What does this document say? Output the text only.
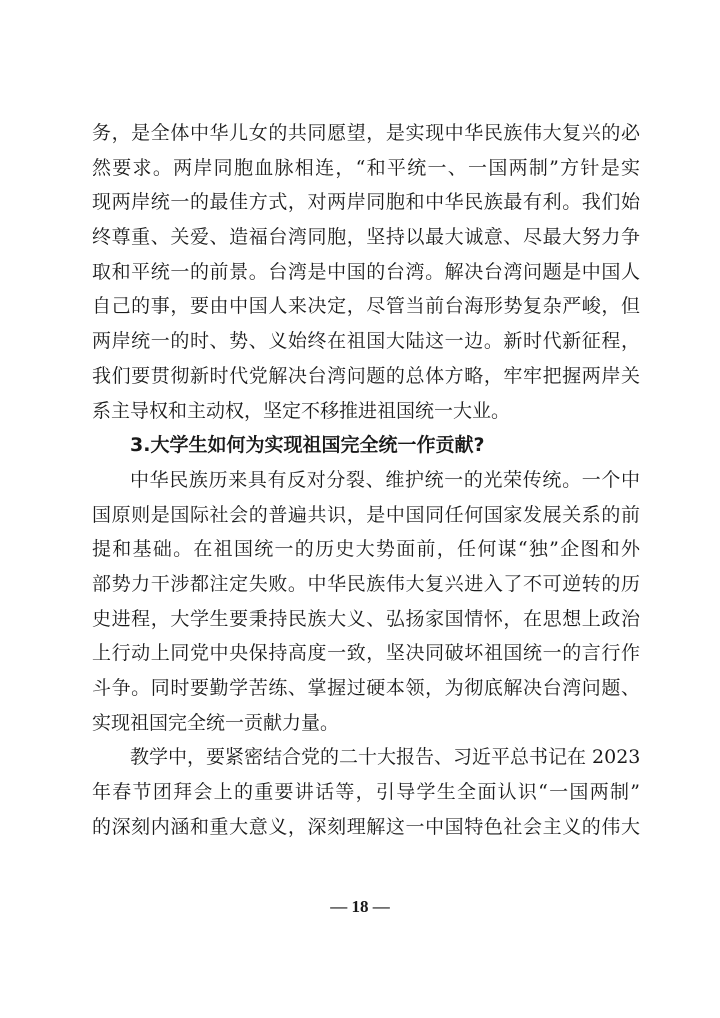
务，是全体中华儿女的共同愿望，是实现中华民族伟大复兴的必
然要求。两岸同胞血脉相连，“和平统一、一国两制”方针是实
现两岸统一的最佳方式，对两岸同胞和中华民族最有利。我们始
终尊重、关爱、造福台湾同胞，坚持以最大诚意、尽最大努力争
取和平统一的前景。台湾是中国的台湾。解决台湾问题是中国人
自己的事，要由中国人来决定，尽管当前台海形势复杂严峻，但
两岸统一的时、势、义始终在祖国大陆这一边。新时代新征程，
我们要贯彻新时代党解决台湾问题的总体方略，牢牢把握两岸关
系主导权和主动权，坚定不移推进祖国统一大业。
3.大学生如何为实现祖国完全统一作贡献?
中华民族历来具有反对分裂、维护统一的光荣传统。一个中
国原则是国际社会的普遍共识，是中国同任何国家发展关系的前
提和基础。在祖国统一的历史大势面前，任何谋“独”企图和外
部势力干涉都注定失败。中华民族伟大复兴进入了不可逆转的历
史进程，大学生要秉持民族大义、弘扬家国情怀，在思想上政治
上行动上同党中央保持高度一致，坚决同破坏祖国统一的言行作
斗争。同时要勤学苦练、掌握过硬本领，为彻底解决台湾问题、
实现祖国完全统一贡献力量。
教学中，要紧密结合党的二十大报告、习近平总书记在 2023
年春节团拜会上的重要讲话等，引导学生全面认识“一国两制”
的深刻内涵和重大意义，深刻理解这一中国特色社会主义的伟大
— 18 —
